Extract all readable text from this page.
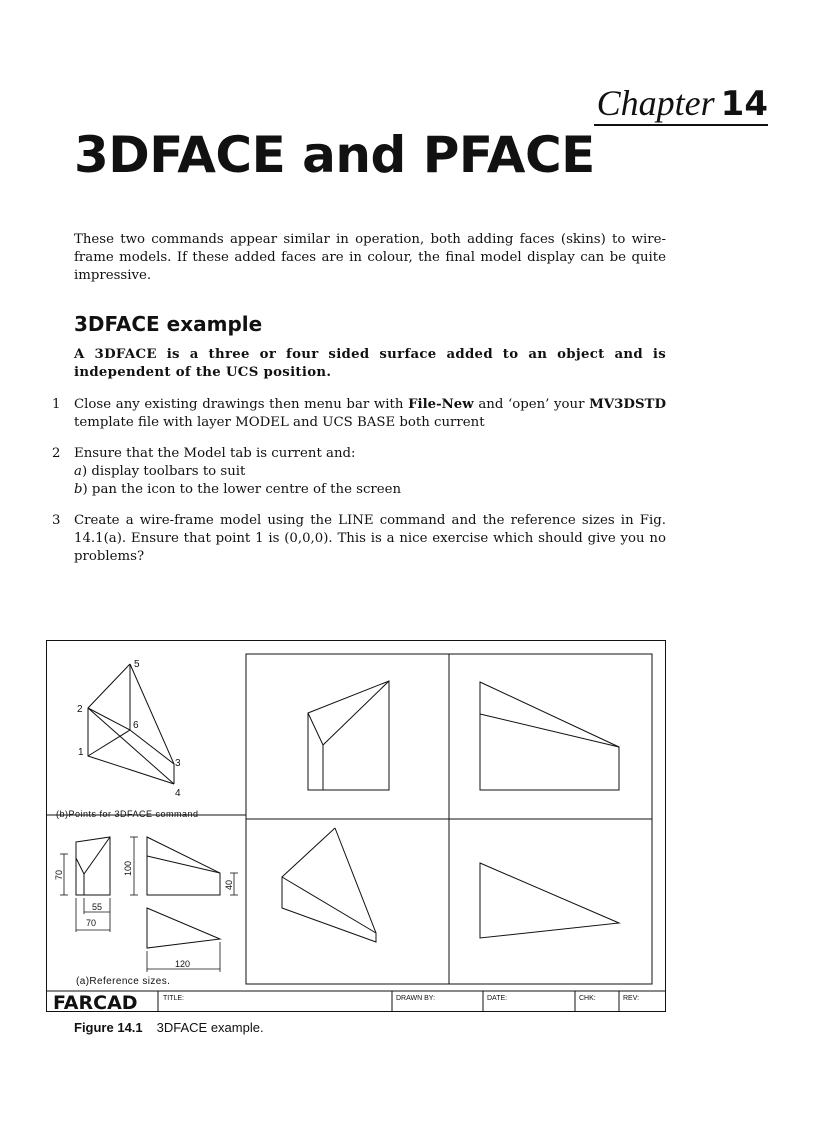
Chapter 14
3DFACE and PFACE

These two commands appear similar in operation, both adding faces (skins) to wire-frame models. If these added faces are in colour, the final model display can be quite impressive.

3DFACE example

A 3DFACE is a three or four sided surface added to an object and is independent of the UCS position.

1 Close any existing drawings then menu bar with File-New and ‘open’ your MV3DSTD template file with layer MODEL and UCS BASE both current
2 Ensure that the Model tab is current and:
a) display toolbars to suit
b) pan the icon to the lower centre of the screen
3 Create a wire-frame model using the LINE command and the reference sizes in Fig. 14.1(a). Ensure that point 1 is (0,0,0). This is a nice exercise which should give you no problems?
5
2
6
1
3
4
(b)Points for 3DFACE command
70	100
40
55
70
120
(a)Reference sizes.
FARCAD	TITLE:	DRAWN BY:	DATE:	CHK:	REV:
Figure 14.1 3DFACE example.
